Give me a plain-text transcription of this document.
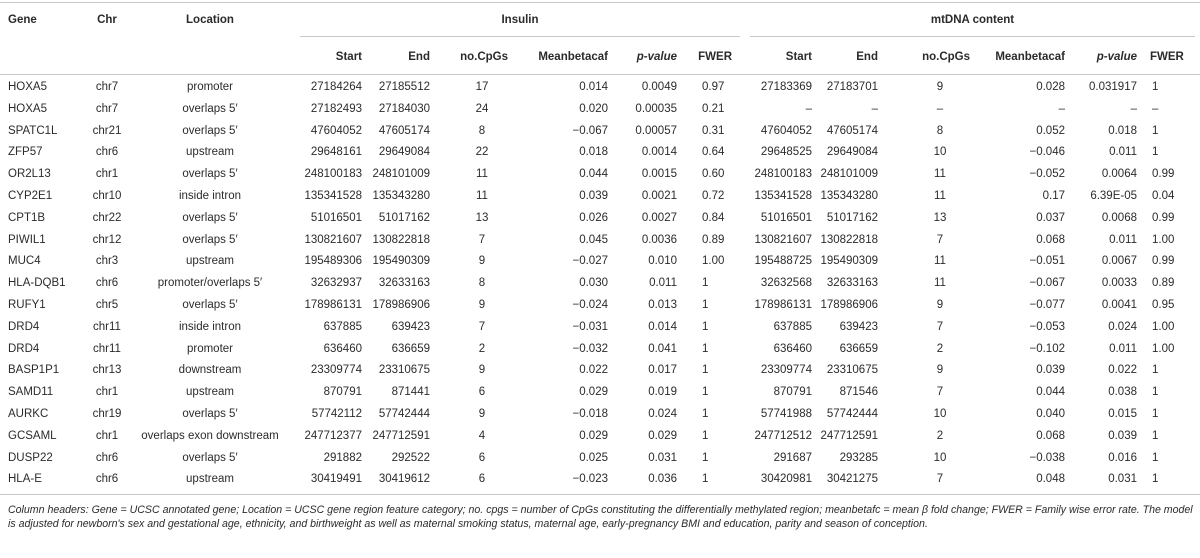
Gene	Chr	Location	Insulin	mtDNA content
Start	End	no.CpGs	Meanbetacaf	p-value	FWER	Start	End	no.CpGs	Meanbetacaf	p-value FWER
Column headers: Gene = UCSC annotated gene; Location = UCSC gene region feature category; no. cpgs = number of CpGs constituting the differentially methylated region; meanbetafc = mean β fold change; FWER = Family wise error rate. The model is adjusted for newborn's sex and gestational age, ethnicity, and birthweight as well as maternal smoking status, maternal age, early-pregnancy BMI and education, parity and season of conception.
HOXA5	chr7	promoter	27184264	27185512	17	0.014	0.0049 0.97	27183369	27183701	9	0.028	0.031917 1
HOXA5	chr7	overlaps 5′	27182493	27184030	24	0.020	0.00035 0.21	–	–	–	–	– –
SPATC1L	chr21	overlaps 5′	47604052	47605174	8	−0.067	0.00057 0.31	47604052	47605174	8	0.052	0.018 1
ZFP57	chr6	upstream	29648161	29649084	22	0.018	0.0014 0.64	29648525	29649084	10	−0.046	0.011 1
OR2L13	chr1	overlaps 5′	248100183 248101009	11	0.044	0.0015 0.60	248100183 248101009	11	−0.052	0.0064 0.99
CYP2E1	chr10	inside intron	135341528 135343280	11	0.039	0.0021 0.72	135341528 135343280	11	0.17	6.39E-05 0.04
CPT1B	chr22	overlaps 5′	51016501	51017162	13	0.026	0.0027 0.84	51016501	51017162	13	0.037	0.0068 0.99
PIWIL1	chr12	overlaps 5′	130821607 130822818	7	0.045	0.0036 0.89	130821607 130822818	7	0.068	0.011 1.00
MUC4	chr3	upstream	195489306 195490309	9	−0.027	0.010 1.00	195488725 195490309	11	−0.051	0.0067 0.99
HLA-DQB1	chr6	promoter/overlaps 5′	32632937	32633163	8	0.030	0.011 1	32632568	32633163	11	−0.067	0.0033 0.89
RUFY1	chr5	overlaps 5′	178986131 178986906	9	−0.024	0.013 1	178986131 178986906	9	−0.077	0.0041 0.95
DRD4	chr11	inside intron	637885	639423	7	−0.031	0.014 1	637885	639423	7	−0.053	0.024 1.00
DRD4	chr11	promoter	636460	636659	2	−0.032	0.041 1	636460	636659	2	−0.102	0.011 1.00
BASP1P1	chr13	downstream	23309774	23310675	9	0.022	0.017 1	23309774	23310675	9	0.039	0.022 1
SAMD11	chr1	upstream	870791	871441	6	0.029	0.019 1	870791	871546	7	0.044	0.038 1
AURKC	chr19	overlaps 5′	57742112	57742444	9	−0.018	0.024 1	57741988	57742444	10	0.040	0.015 1
GCSAML	chr1	overlaps exon downstream	247712377 247712591	4	0.029	0.029 1	247712512 247712591	2	0.068	0.039 1
DUSP22	chr6	overlaps 5′	291882	292522	6	0.025	0.031 1	291687	293285	10	−0.038	0.016 1
HLA-E	chr6	upstream	30419491	30419612	6	−0.023	0.036 1	30420981	30421275	7	0.048	0.031 1
